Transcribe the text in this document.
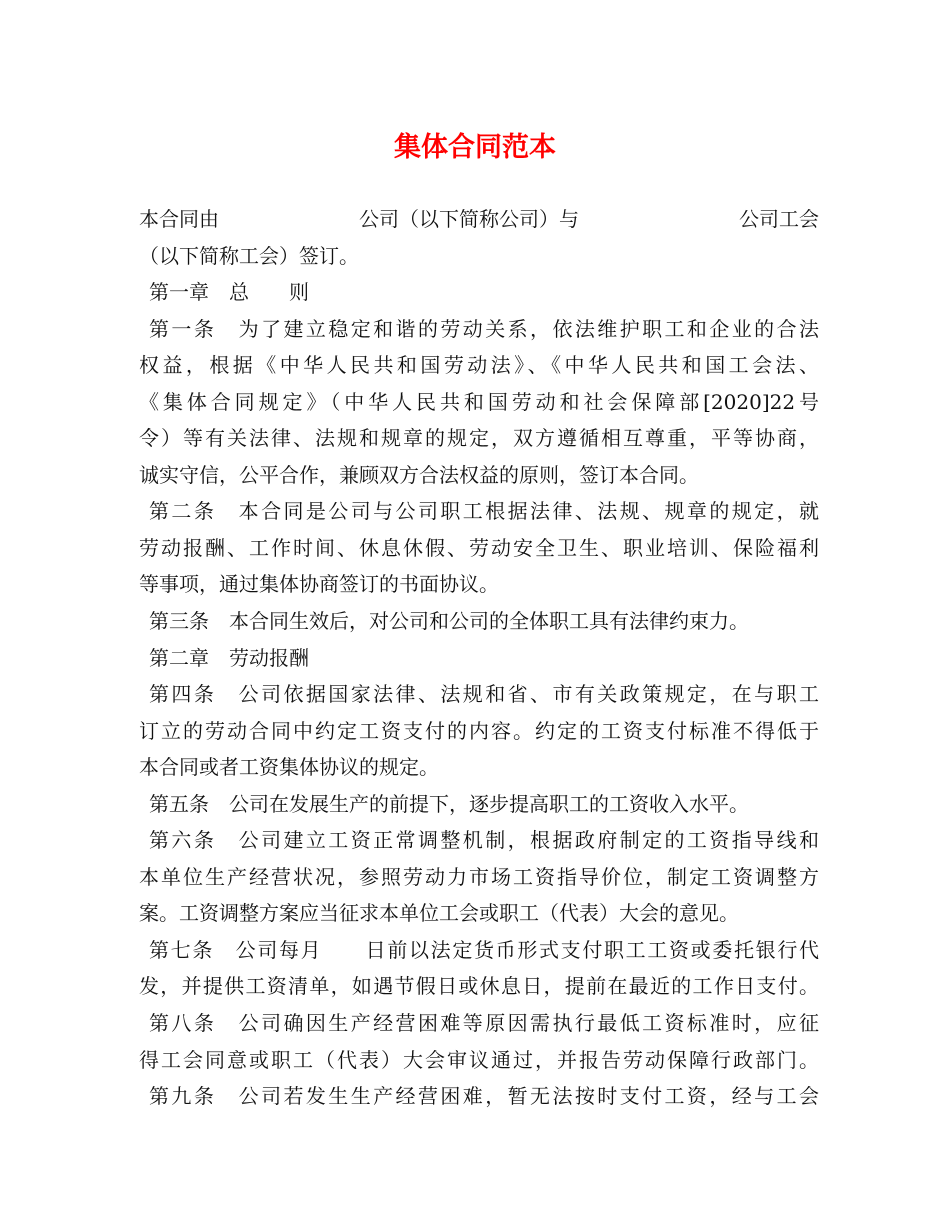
集体合同范本
本合同由　　　　　　　公司（以下简称公司）与　　　　　　　　公司工会
（以下简称工会）签订。
第一章　总　　则
第一条　为了建立稳定和谐的劳动关系，依法维护职工和企业的合法
权益，根据《中华人民共和国劳动法》、《中华人民共和国工会法、
《集体合同规定》（中华人民共和国劳动和社会保障部[2020]22号
令）等有关法律、法规和规章的规定，双方遵循相互尊重，平等协商，
诚实守信，公平合作，兼顾双方合法权益的原则，签订本合同。
第二条　本合同是公司与公司职工根据法律、法规、规章的规定，就
劳动报酬、工作时间、休息休假、劳动安全卫生、职业培训、保险福利
等事项，通过集体协商签订的书面协议。
第三条　本合同生效后，对公司和公司的全体职工具有法律约束力。
第二章　劳动报酬
第四条　公司依据国家法律、法规和省、市有关政策规定，在与职工
订立的劳动合同中约定工资支付的内容。约定的工资支付标准不得低于
本合同或者工资集体协议的规定。
第五条　公司在发展生产的前提下，逐步提高职工的工资收入水平。
第六条　公司建立工资正常调整机制，根据政府制定的工资指导线和
本单位生产经营状况，参照劳动力市场工资指导价位，制定工资调整方
案。工资调整方案应当征求本单位工会或职工（代表）大会的意见。
第七条　公司每月　　日前以法定货币形式支付职工工资或委托银行代
发，并提供工资清单，如遇节假日或休息日，提前在最近的工作日支付。
第八条　公司确因生产经营困难等原因需执行最低工资标准时，应征
得工会同意或职工（代表）大会审议通过，并报告劳动保障行政部门。
第九条　公司若发生生产经营困难，暂无法按时支付工资，经与工会
